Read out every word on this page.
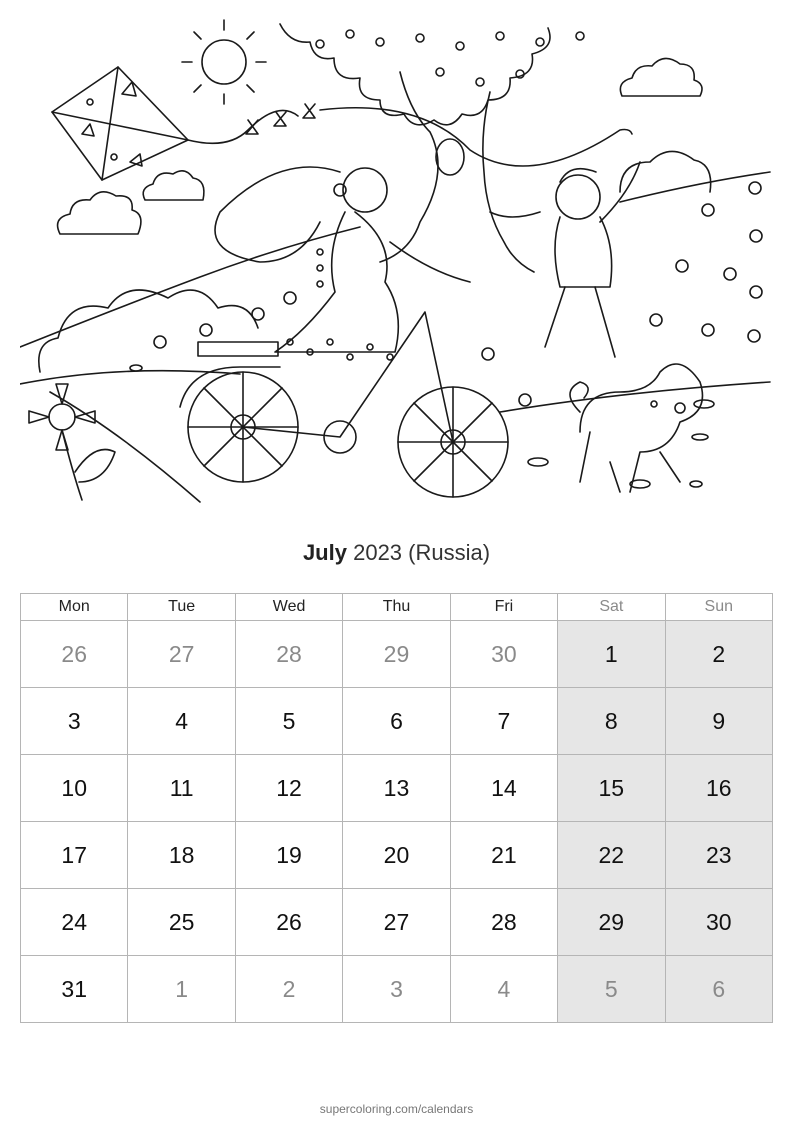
July 2023 (Russia)
Mon	Tue	Wed	Thu	Fri	Sat	Sun
26	27	28	29	30	1	2
3	4	5	6	7	8	9
10	11	12	13	14	15	16
17	18	19	20	21	22	23
24	25	26	27	28	29	30
31	1	2	3	4	5	6
supercoloring.com/calendars
